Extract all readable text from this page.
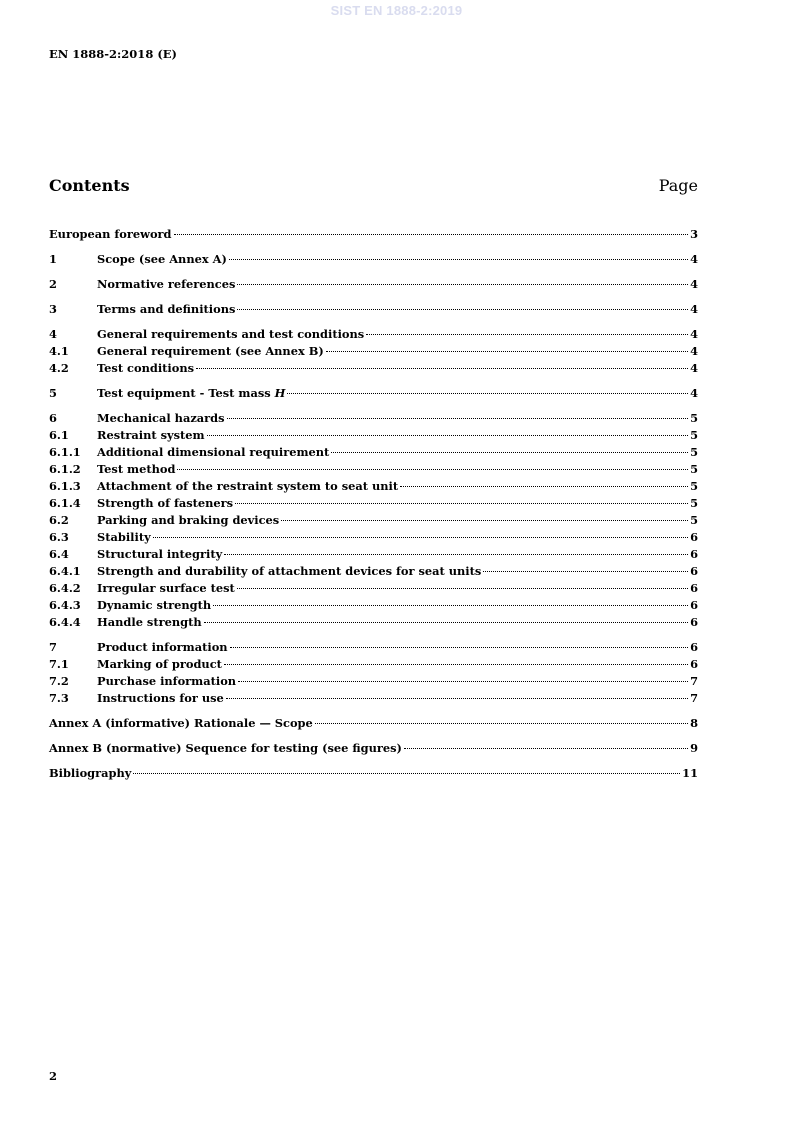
SIST EN 1888-2:2019
EN 1888-2:2018 (E)
Contents	Page
European foreword	3
1	Scope (see Annex A)	4
2	Normative references	4
3	Terms and definitions	4
4	General requirements and test conditions	4
4.1	General requirement (see Annex B)	4
4.2	Test conditions	4
5	Test equipment - Test mass H	4
6	Mechanical hazards	5
6.1	Restraint system	5
6.1.1	Additional dimensional requirement	5
6.1.2	Test method	5
6.1.3	Attachment of the restraint system to seat unit	5
6.1.4	Strength of fasteners	5
6.2	Parking and braking devices	5
6.3	Stability	6
6.4	Structural integrity	6
6.4.1	Strength and durability of attachment devices for seat units	6
6.4.2	Irregular surface test	6
6.4.3	Dynamic strength	6
6.4.4	Handle strength	6
7	Product information	6
7.1	Marking of product	6
7.2	Purchase information	7
7.3	Instructions for use	7
Annex A (informative) Rationale — Scope	8
Annex B (normative) Sequence for testing (see figures)	9
Bibliography	11
2
